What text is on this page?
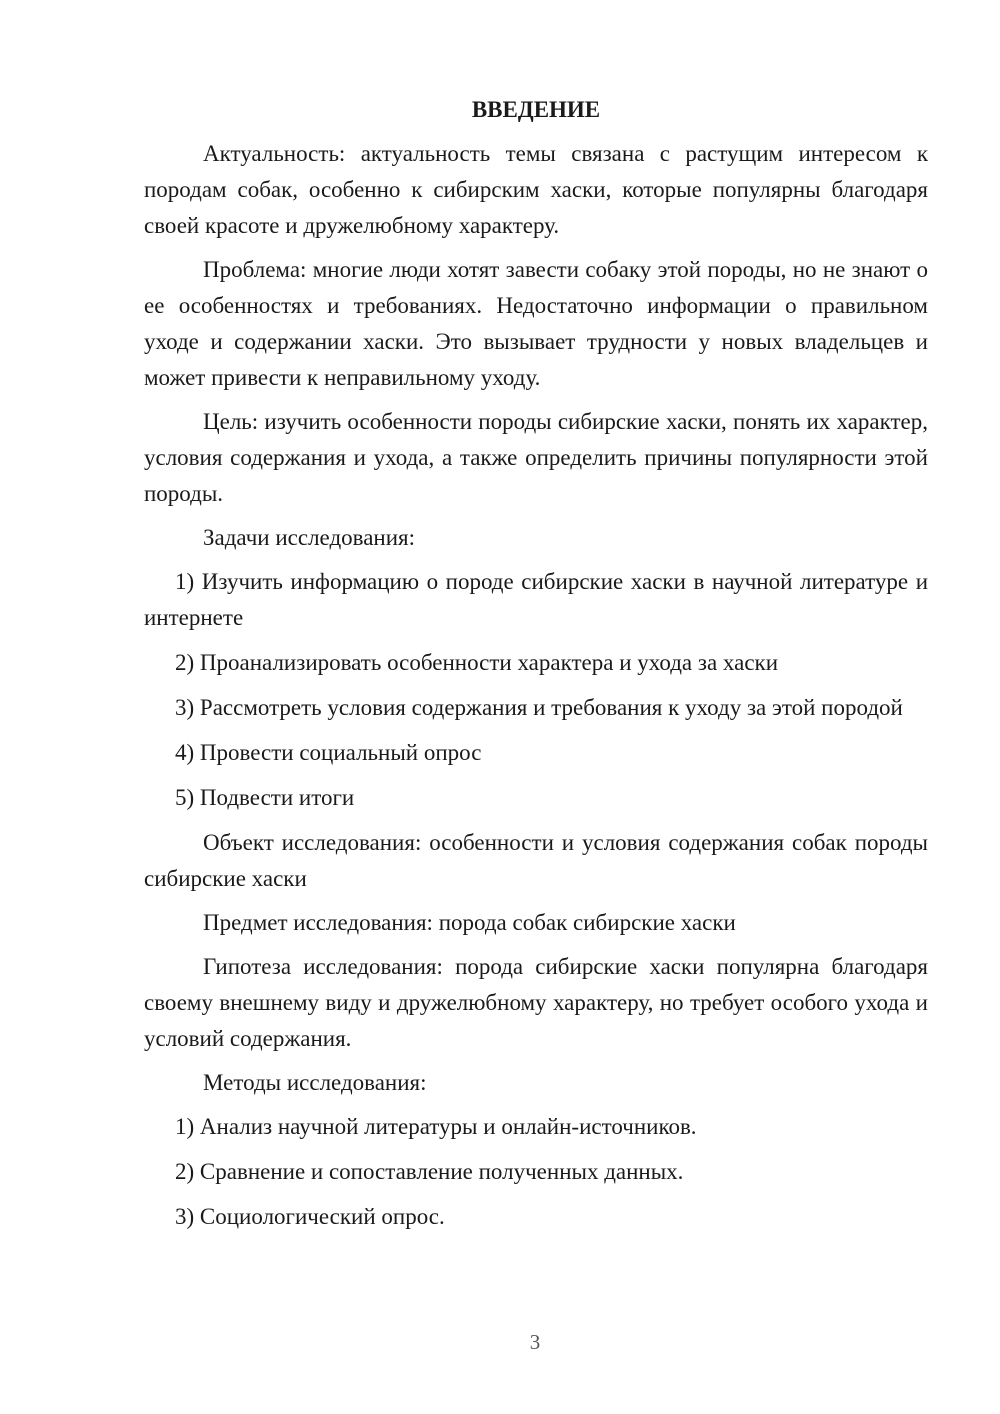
ВВЕДЕНИЕ

Актуальность: актуальность темы связана с растущим интересом к породам собак, особенно к сибирским хаски, которые популярны благодаря своей красоте и дружелюбному характеру.

Проблема: многие люди хотят завести собаку этой породы, но не знают о ее особенностях и требованиях. Недостаточно информации о правильном уходе и содержании хаски. Это вызывает трудности у новых владельцев и может привести к неправильному уходу.

Цель: изучить особенности породы сибирские хаски, понять их характер, условия содержания и ухода, а также определить причины популярности этой породы.

Задачи исследования:

1) Изучить информацию о породе сибирские хаски в научной литературе и интернете

2) Проанализировать особенности характера и ухода за хаски

3) Рассмотреть условия содержания и требования к уходу за этой породой

4) Провести социальный опрос

5) Подвести итоги

Объект исследования: особенности и условия содержания собак породы сибирские хаски

Предмет исследования: порода собак сибирские хаски

Гипотеза исследования: порода сибирские хаски популярна благодаря своему внешнему виду и дружелюбному характеру, но требует особого ухода и условий содержания.

Методы исследования:

1) Анализ научной литературы и онлайн-источников.

2) Сравнение и сопоставление полученных данных.

3) Социологический опрос.

3
